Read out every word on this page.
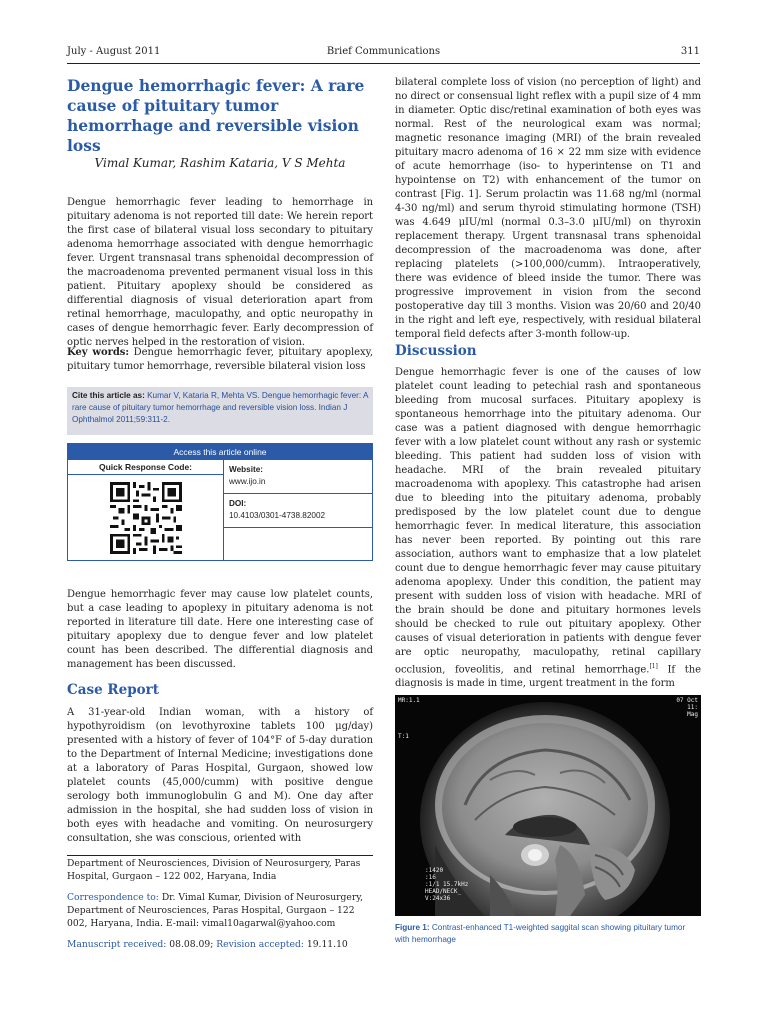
July - August 2011	Brief Communications	311
Dengue hemorrhagic fever: A rare cause of pituitary tumor hemorrhage and reversible vision loss

Vimal Kumar, Rashim Kataria, V S Mehta

Dengue hemorrhagic fever leading to hemorrhage in pituitary adenoma is not reported till date: We herein report the first case of bilateral visual loss secondary to pituitary adenoma hemorrhage associated with dengue hemorrhagic fever. Urgent transnasal trans sphenoidal decompression of the macroadenoma prevented permanent visual loss in this patient. Pituitary apoplexy should be considered as differential diagnosis of visual deterioration apart from retinal hemorrhage, maculopathy, and optic neuropathy in cases of dengue hemorrhagic fever. Early decompression of optic nerves helped in the restoration of vision.

Key words: Dengue hemorrhagic fever, pituitary apoplexy, pituitary tumor hemorrhage, reversible bilateral vision loss

Cite this article as: Kumar V, Kataria R, Mehta VS. Dengue hemorrhagic fever: A rare cause of pituitary tumor hemorrhage and reversible vision loss. Indian J Ophthalmol 2011;59:311-2.
Access this article online
Quick Response Code:	Website:
www.ijo.in
DOI:
10.4103/0301-4738.82002

Dengue hemorrhagic fever may cause low platelet counts, but a case leading to apoplexy in pituitary adenoma is not reported in literature till date. Here one interesting case of pituitary apoplexy due to dengue fever and low platelet count has been described. The differential diagnosis and management has been discussed.

Case Report

A 31-year-old Indian woman, with a history of hypothyroidism (on levothyroxine tablets 100 μg/day) presented with a history of fever of 104°F of 5-day duration to the Department of Internal Medicine; investigations done at a laboratory of Paras Hospital, Gurgaon, showed low platelet counts (45,000/cumm) with positive dengue serology both immunoglobulin G and M). One day after admission in the hospital, she had sudden loss of vision in both eyes with headache and vomiting. On neurosurgery consultation, she was conscious, oriented with

Department of Neurosciences, Division of Neurosurgery, Paras Hospital, Gurgaon – 122 002, Haryana, India

Correspondence to: Dr. Vimal Kumar, Division of Neurosurgery, Department of Neurosciences, Paras Hospital, Gurgaon – 122 002, Haryana, India. E-mail: vimal10agarwal@yahoo.com

Manuscript received: 08.08.09; Revision accepted: 19.11.10

bilateral complete loss of vision (no perception of light) and no direct or consensual light reflex with a pupil size of 4 mm in diameter. Optic disc/retinal examination of both eyes was normal. Rest of the neurological exam was normal; magnetic resonance imaging (MRI) of the brain revealed pituitary macro adenoma of 16 × 22 mm size with evidence of acute hemorrhage (iso- to hyperintense on T1 and hypointense on T2) with enhancement of the tumor on contrast [Fig. 1]. Serum prolactin was 11.68 ng/ml (normal 4-30 ng/ml) and serum thyroid stimulating hormone (TSH) was 4.649 μIU/ml (normal 0.3–3.0 μIU/ml) on thyroxin replacement therapy. Urgent transnasal trans sphenoidal decompression of the macroadenoma was done, after replacing platelets (>100,000/cumm). Intraoperatively, there was evidence of bleed inside the tumor. There was progressive improvement in vision from the second postoperative day till 3 months. Vision was 20/60 and 20/40 in the right and left eye, respectively, with residual bilateral temporal field defects after 3-month follow-up.

Discussion

Dengue hemorrhagic fever is one of the causes of low platelet count leading to petechial rash and spontaneous bleeding from mucosal surfaces. Pituitary apoplexy is spontaneous hemorrhage into the pituitary adenoma. Our case was a patient diagnosed with dengue hemorrhagic fever with a low platelet count without any rash or systemic bleeding. This patient had sudden loss of vision with headache. MRI of the brain revealed pituitary macroadenoma with apoplexy. This catastrophe had arisen due to bleeding into the pituitary adenoma, probably predisposed by the low platelet count due to dengue hemorrhagic fever. In medical literature, this association has never been reported. By pointing out this rare association, authors want to emphasize that a low platelet count due to dengue hemorrhagic fever may cause pituitary adenoma apoplexy. Under this condition, the patient may present with sudden loss of vision with headache. MRI of the brain should be done and pituitary hormones levels should be checked to rule out pituitary apoplexy. Other causes of visual deterioration in patients with dengue fever are optic neuropathy, maculopathy, retinal capillary occlusion, foveolitis, and retinal hemorrhage.[1] If the diagnosis is made in time, urgent treatment in the form

MR:1.1
T:1
07 Oct
11:
Mag
:1420
:16
:1/1 15.7kHz
HEAD/NECK_
V:24x36
Figure 1: Contrast-enhanced T1-weighted saggital scan showing pituitary tumor with hemorrhage
